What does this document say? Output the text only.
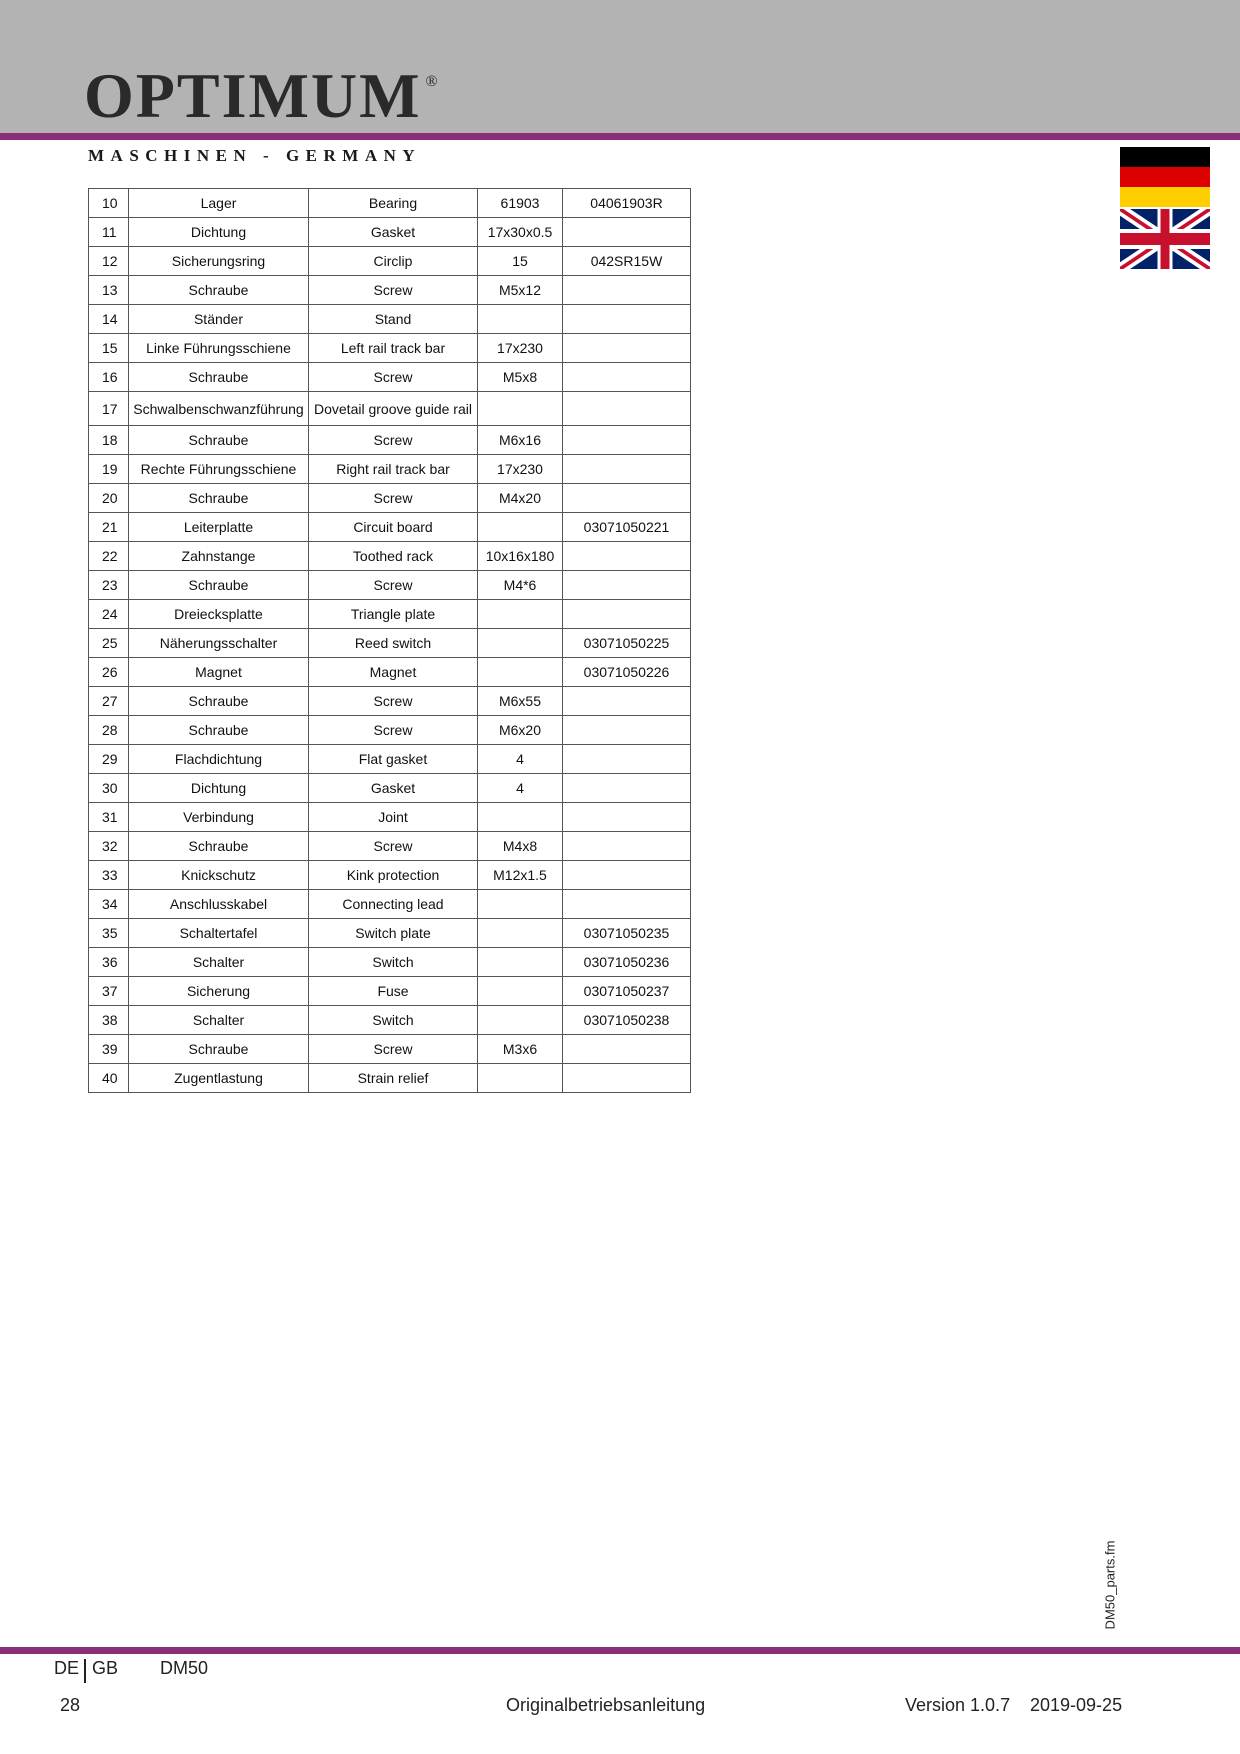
OPTIMUM ®
MASCHINEN - GERMANY
10	Lager	Bearing	61903	04061903R
11	Dichtung	Gasket	17x30x0.5	
12	Sicherungsring	Circlip	15	042SR15W
13	Schraube	Screw	M5x12	
14	Ständer	Stand		
15	Linke Führungsschiene	Left rail track bar	17x230	
16	Schraube	Screw	M5x8	
17	Schwalbenschwanzführung	Dovetail groove guide rail		
18	Schraube	Screw	M6x16	
19	Rechte Führungsschiene	Right rail track bar	17x230	
20	Schraube	Screw	M4x20	
21	Leiterplatte	Circuit board		03071050221
22	Zahnstange	Toothed rack	10x16x180	
23	Schraube	Screw	M4*6	
24	Dreiecksplatte	Triangle plate		
25	Näherungsschalter	Reed switch		03071050225
26	Magnet	Magnet		03071050226
27	Schraube	Screw	M6x55	
28	Schraube	Screw	M6x20	
29	Flachdichtung	Flat gasket	4	
30	Dichtung	Gasket	4	
31	Verbindung	Joint		
32	Schraube	Screw	M4x8	
33	Knickschutz	Kink protection	M12x1.5	
34	Anschlusskabel	Connecting lead		
35	Schaltertafel	Switch plate		03071050235
36	Schalter	Switch		03071050236
37	Sicherung	Fuse		03071050237
38	Schalter	Switch		03071050238
39	Schraube	Screw	M3x6	
40	Zugentlastung	Strain relief		
DM50_parts.fm
DE GB DM50
28	Originalbetriebsanleitung	Version 1.0.7 2019-09-25
